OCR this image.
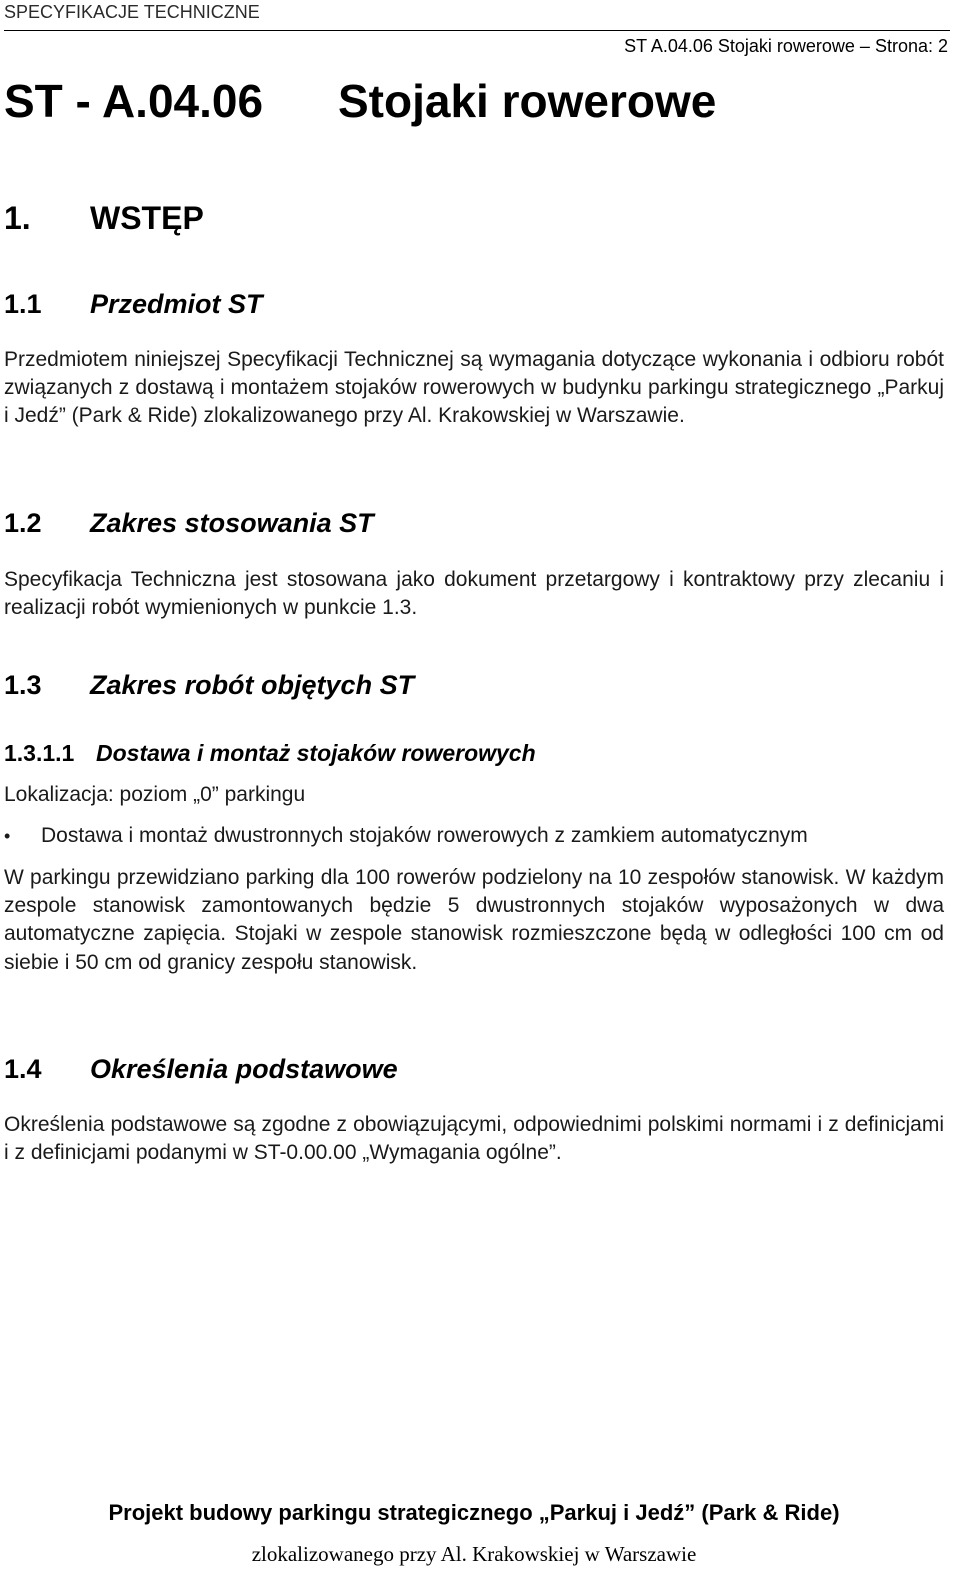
SPECYFIKACJE TECHNICZNE
ST A.04.06 Stojaki rowerowe – Strona: 2
ST - A.04.06 Stojaki rowerowe
1. WSTĘP
1.1 Przedmiot ST
Przedmiotem niniejszej Specyfikacji Technicznej są wymagania dotyczące wykonania i odbioru robót związanych z dostawą i montażem stojaków rowerowych w budynku parkingu strategicznego „Parkuj i Jedź” (Park & Ride) zlokalizowanego przy Al. Krakowskiej w Warszawie.
1.2 Zakres stosowania ST
Specyfikacja Techniczna jest stosowana jako dokument przetargowy i kontraktowy przy zlecaniu i realizacji robót wymienionych w punkcie 1.3.
1.3 Zakres robót objętych ST
1.3.1.1 Dostawa i montaż stojaków rowerowych
Lokalizacja: poziom „0” parkingu
• Dostawa i montaż dwustronnych stojaków rowerowych z zamkiem automatycznym
W parkingu przewidziano parking dla 100 rowerów podzielony na 10 zespołów stanowisk. W każdym zespole stanowisk zamontowanych będzie 5 dwustronnych stojaków wyposażonych w dwa automatyczne zapięcia. Stojaki w zespole stanowisk rozmieszczone będą w odległości 100 cm od siebie i 50 cm od granicy zespołu stanowisk.
1.4 Określenia podstawowe
Określenia podstawowe są zgodne z obowiązującymi, odpowiednimi polskimi normami i z definicjami i z definicjami podanymi w ST-0.00.00 „Wymagania ogólne”.
Projekt budowy parkingu strategicznego „Parkuj i Jedź” (Park & Ride)
zlokalizowanego przy Al. Krakowskiej w Warszawie
